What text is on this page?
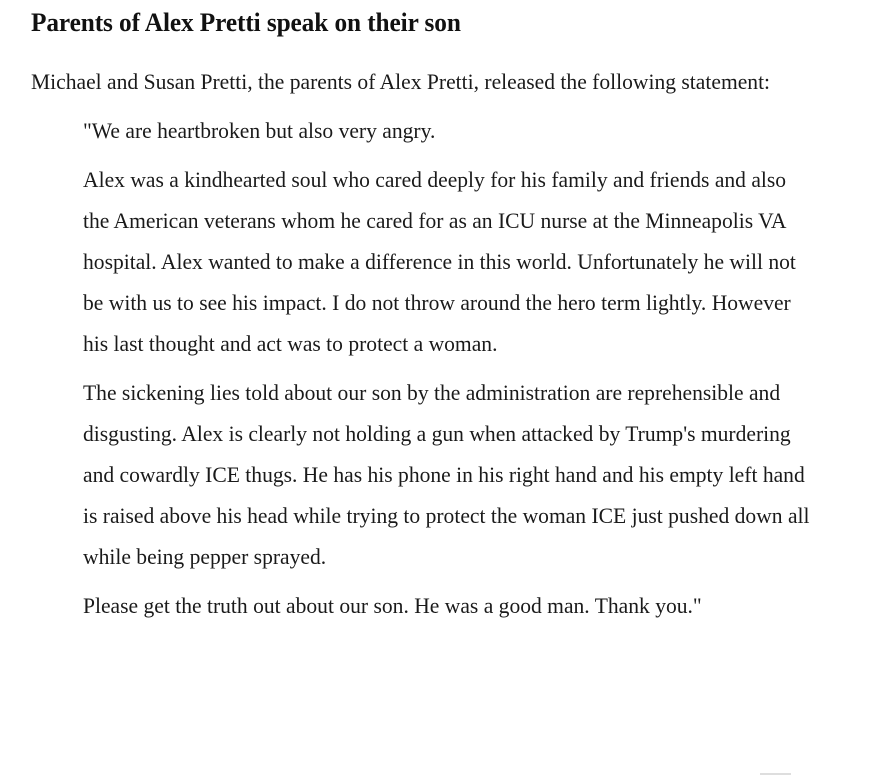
Parents of Alex Pretti speak on their son

Michael and Susan Pretti, the parents of Alex Pretti, released the following statement:

"We are heartbroken but also very angry.

Alex was a kindhearted soul who cared deeply for his family and friends and also the American veterans whom he cared for as an ICU nurse at the Minneapolis VA hospital. Alex wanted to make a difference in this world. Unfortunately he will not be with us to see his impact. I do not throw around the hero term lightly. However his last thought and act was to protect a woman.

The sickening lies told about our son by the administration are reprehensible and disgusting. Alex is clearly not holding a gun when attacked by Trump's murdering and cowardly ICE thugs. He has his phone in his right hand and his empty left hand is raised above his head while trying to protect the woman ICE just pushed down all while being pepper sprayed.

Please get the truth out about our son. He was a good man. Thank you."
